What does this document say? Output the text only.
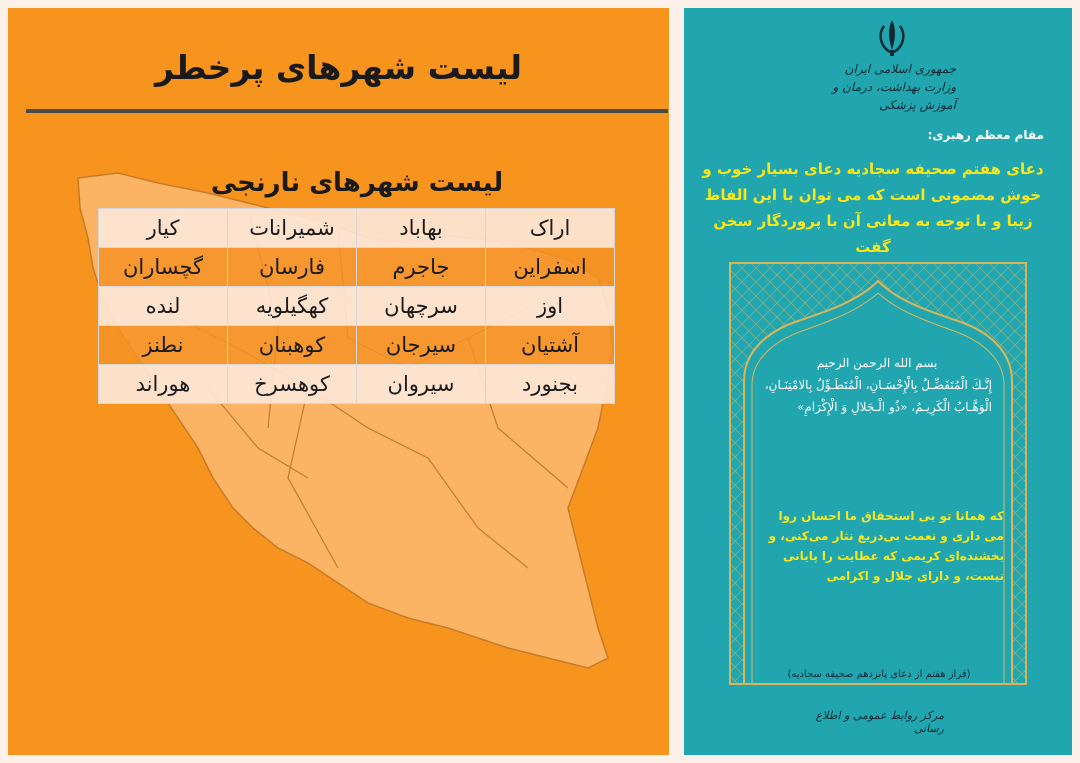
لیست شهرهای پرخطر
لیست شهرهای نارنجی
اراک	بهاباد	شمیرانات	کیار
اسفراین	جاجرم	فارسان	گچساران
اوز	سرچهان	کهگیلویه	لنده
آشتیان	سیرجان	کوهبنان	نطنز
بجنورد	سیروان	کوهسرخ	هوراند
جمهوری اسلامی ایران
وزارت بهداشت، درمان و آموزش پزشکی
مقام معظم رهبری:
دعای هفتم صحیفه سجادیه دعای بسیار خوب و خوش مضمونی است که می توان با این الفاظ زیبا و با توجه به معانی آن با پروردگار سخن گفت
بسم الله الرحمن الرحیم
إِنَّـكَ الْمُتَفَضِّـلُ بِالْإِحْسَـانِ، الْمُتَطَـوِّلُ بِالامْتِنَـانِ، الْوَهَّـابُ الْكَرِيـمُ، «ذُو الْـجَلالِ وَ الْإِكْرَامِ»
که همانا تو بی استحقاق ما احسان روا می داری و نعمت بی‌دریغ نثار می‌کنی، و بخشنده‌ای کریمی که عطایت را پایانی نیست، و دارای جلال و اکرامی
(فراز هفتم از دعای پانزدهم صحیفه سجادیه)
مرکز روابط عمومی و اطلاع رسانی
